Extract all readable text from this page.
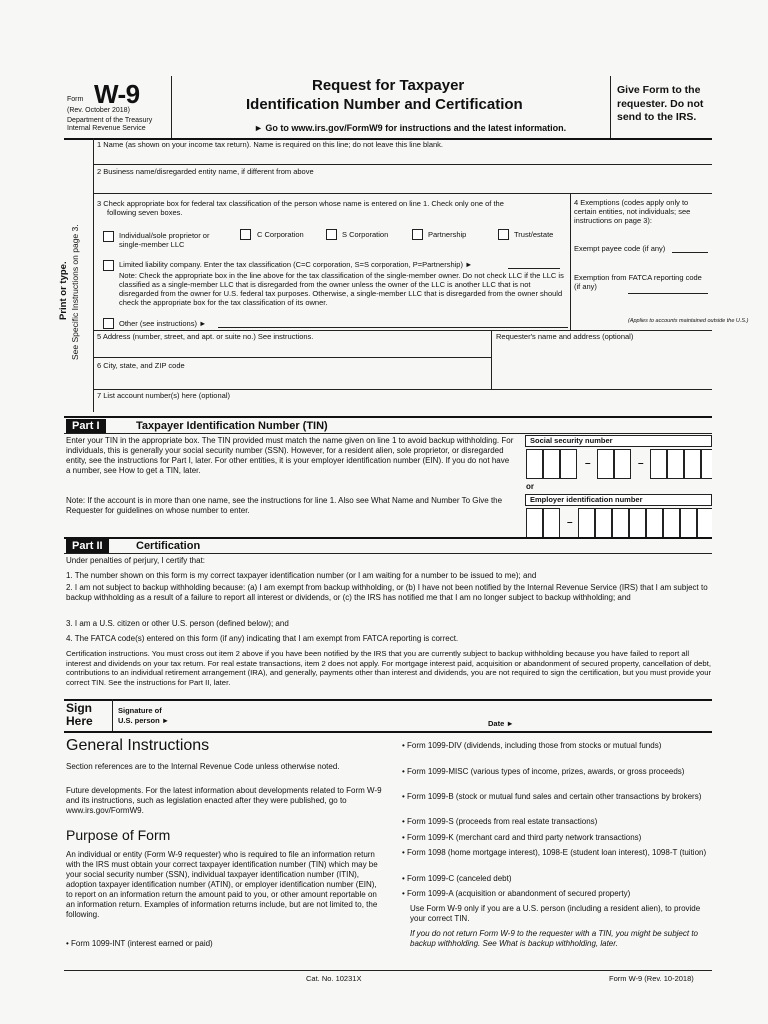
Form W-9
(Rev. October 2018)
Department of the Treasury
Internal Revenue Service
Request for Taxpayer
Identification Number and Certification
► Go to www.irs.gov/FormW9 for instructions and the latest information.
Give Form to the requester. Do not send to the IRS.
Print or type. See Specific Instructions on page 3.
1 Name (as shown on your income tax return). Name is required on this line; do not leave this line blank.
2 Business name/disregarded entity name, if different from above
3 Check appropriate box for federal tax classification of the person whose name is entered on line 1. Check only one of the
following seven boxes.
Individual/sole proprietor or
single-member LLC
C Corporation	S Corporation	Partnership	Trust/estate
Limited liability company. Enter the tax classification (C=C corporation, S=S corporation, P=Partnership) ►
Note: Check the appropriate box in the line above for the tax classification of the single-member owner. Do not check LLC if the LLC is classified as a single-member LLC that is disregarded from the owner unless the owner of the LLC is another LLC that is not disregarded from the owner for U.S. federal tax purposes. Otherwise, a single-member LLC that is disregarded from the owner should check the appropriate box for the tax classification of its owner.
Other (see instructions) ►
4 Exemptions (codes apply only to certain entities, not individuals; see instructions on page 3):
Exempt payee code (if any)
Exemption from FATCA reporting code (if any)
(Applies to accounts maintained outside the U.S.)
5 Address (number, street, and apt. or suite no.) See instructions.	Requester's name and address (optional)
6 City, state, and ZIP code
7 List account number(s) here (optional)
Part I	Taxpayer Identification Number (TIN)
Enter your TIN in the appropriate box. The TIN provided must match the name given on line 1 to avoid backup withholding. For individuals, this is generally your social security number (SSN). However, for a resident alien, sole proprietor, or disregarded entity, see the instructions for Part I, later. For other entities, it is your employer identification number (EIN). If you do not have a number, see How to get a TIN, later.
Note: If the account is in more than one name, see the instructions for line 1. Also see What Name and Number To Give the Requester for guidelines on whose number to enter.
Social security number
–	–
or
Employer identification number
–
Part II	Certification
Under penalties of perjury, I certify that:
1. The number shown on this form is my correct taxpayer identification number (or I am waiting for a number to be issued to me); and
2. I am not subject to backup withholding because: (a) I am exempt from backup withholding, or (b) I have not been notified by the Internal Revenue Service (IRS) that I am subject to backup withholding as a result of a failure to report all interest or dividends, or (c) the IRS has notified me that I am no longer subject to backup withholding; and
3. I am a U.S. citizen or other U.S. person (defined below); and
4. The FATCA code(s) entered on this form (if any) indicating that I am exempt from FATCA reporting is correct.
Certification instructions. You must cross out item 2 above if you have been notified by the IRS that you are currently subject to backup withholding because you have failed to report all interest and dividends on your tax return. For real estate transactions, item 2 does not apply. For mortgage interest paid, acquisition or abandonment of secured property, cancellation of debt, contributions to an individual retirement arrangement (IRA), and generally, payments other than interest and dividends, you are not required to sign the certification, but you must provide your correct TIN. See the instructions for Part II, later.
Sign
Here
Signature of
U.S. person ►	Date ►
General Instructions
Section references are to the Internal Revenue Code unless otherwise noted.
Future developments. For the latest information about developments related to Form W-9 and its instructions, such as legislation enacted after they were published, go to www.irs.gov/FormW9.
Purpose of Form
An individual or entity (Form W-9 requester) who is required to file an information return with the IRS must obtain your correct taxpayer identification number (TIN) which may be your social security number (SSN), individual taxpayer identification number (ITIN), adoption taxpayer identification number (ATIN), or employer identification number (EIN), to report on an information return the amount paid to you, or other amount reportable on an information return. Examples of information returns include, but are not limited to, the following.
• Form 1099-INT (interest earned or paid)
• Form 1099-DIV (dividends, including those from stocks or mutual funds)
• Form 1099-MISC (various types of income, prizes, awards, or gross proceeds)
• Form 1099-B (stock or mutual fund sales and certain other transactions by brokers)
• Form 1099-S (proceeds from real estate transactions)
• Form 1099-K (merchant card and third party network transactions)
• Form 1098 (home mortgage interest), 1098-E (student loan interest), 1098-T (tuition)
• Form 1099-C (canceled debt)
• Form 1099-A (acquisition or abandonment of secured property)
Use Form W-9 only if you are a U.S. person (including a resident alien), to provide your correct TIN.
If you do not return Form W-9 to the requester with a TIN, you might be subject to backup withholding. See What is backup withholding, later.
Cat. No. 10231X	Form W-9 (Rev. 10-2018)
